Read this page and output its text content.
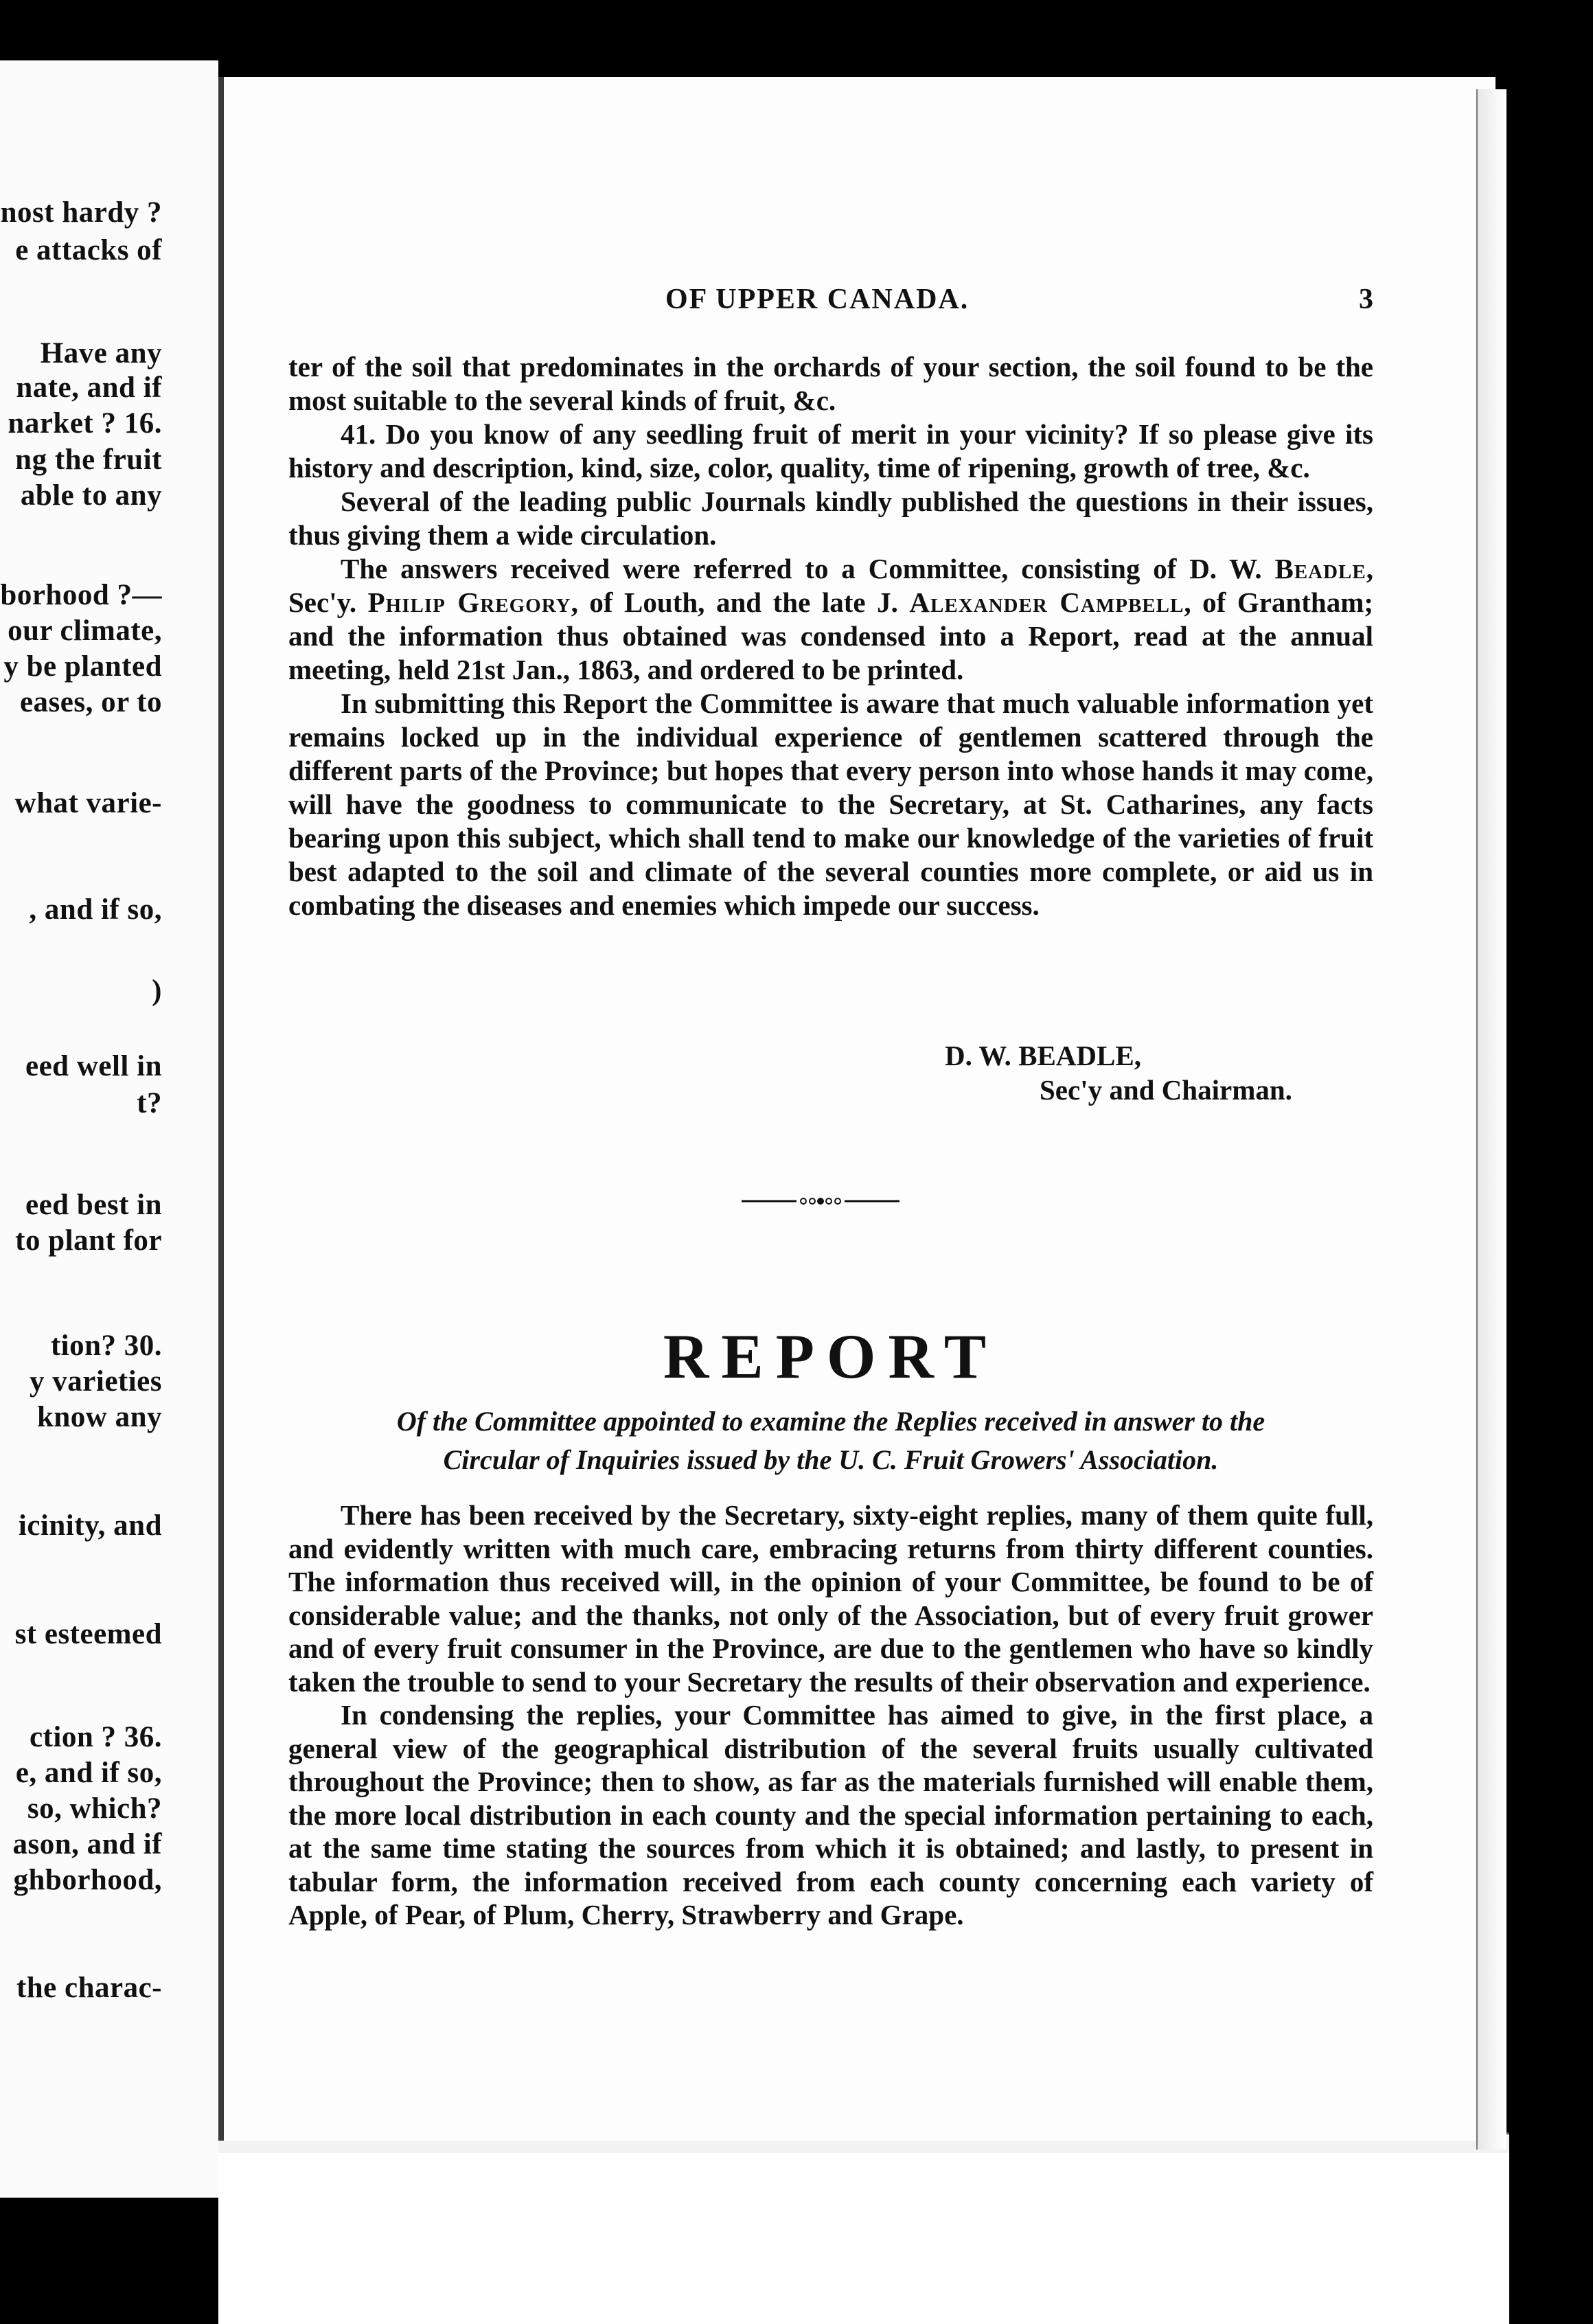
nost hardy ?
e attacks of
Have any
nate, and if
narket ? 16.
ng the fruit
able to any
borhood ?—
our climate,
y be planted
eases, or to
what varie-
, and if so,
)
eed well in
t?
eed best in
to plant for
tion? 30.
y varieties
know any
icinity, and
st esteemed
ction ? 36.
e, and if so,
so, which?
ason, and if
ghborhood,
the charac-
OF UPPER CANADA.	3

ter of the soil that predominates in the orchards of your section, the soil found to be the most suitable to the several kinds of fruit, &c.

41. Do you know of any seedling fruit of merit in your vicinity? If so please give its history and description, kind, size, color, quality, time of ripening, growth of tree, &c.

Several of the leading public Journals kindly published the questions in their issues, thus giving them a wide circulation.

The answers received were referred to a Committee, consisting of D. W. Beadle, Sec'y. Philip Gregory, of Louth, and the late J. Alexander Campbell, of Grantham; and the information thus obtained was condensed into a Report, read at the annual meeting, held 21st Jan., 1863, and ordered to be printed.

In submitting this Report the Committee is aware that much valuable information yet remains locked up in the individual experience of gentlemen scattered through the different parts of the Province; but hopes that every person into whose hands it may come, will have the goodness to communicate to the Secretary, at St. Catharines, any facts bearing upon this subject, which shall tend to make our knowledge of the varieties of fruit best adapted to the soil and climate of the several counties more complete, or aid us in combating the diseases and enemies which impede our success.

D. W. BEADLE,
Sec'y and Chairman.
REPORT
Of the Committee appointed to examine the Replies received in answer to the
Circular of Inquiries issued by the U. C. Fruit Growers' Association.

There has been received by the Secretary, sixty-eight replies, many of them quite full, and evidently written with much care, embracing returns from thirty different counties. The information thus received will, in the opinion of your Committee, be found to be of considerable value; and the thanks, not only of the Association, but of every fruit grower and of every fruit consumer in the Province, are due to the gentlemen who have so kindly taken the trouble to send to your Secretary the results of their observation and experience.

In condensing the replies, your Committee has aimed to give, in the first place, a general view of the geographical distribution of the several fruits usually cultivated throughout the Province; then to show, as far as the materials furnished will enable them, the more local distribution in each county and the special information pertaining to each, at the same time stating the sources from which it is obtained; and lastly, to present in tabular form, the information received from each county concerning each variety of Apple, of Pear, of Plum, Cherry, Strawberry and Grape.
